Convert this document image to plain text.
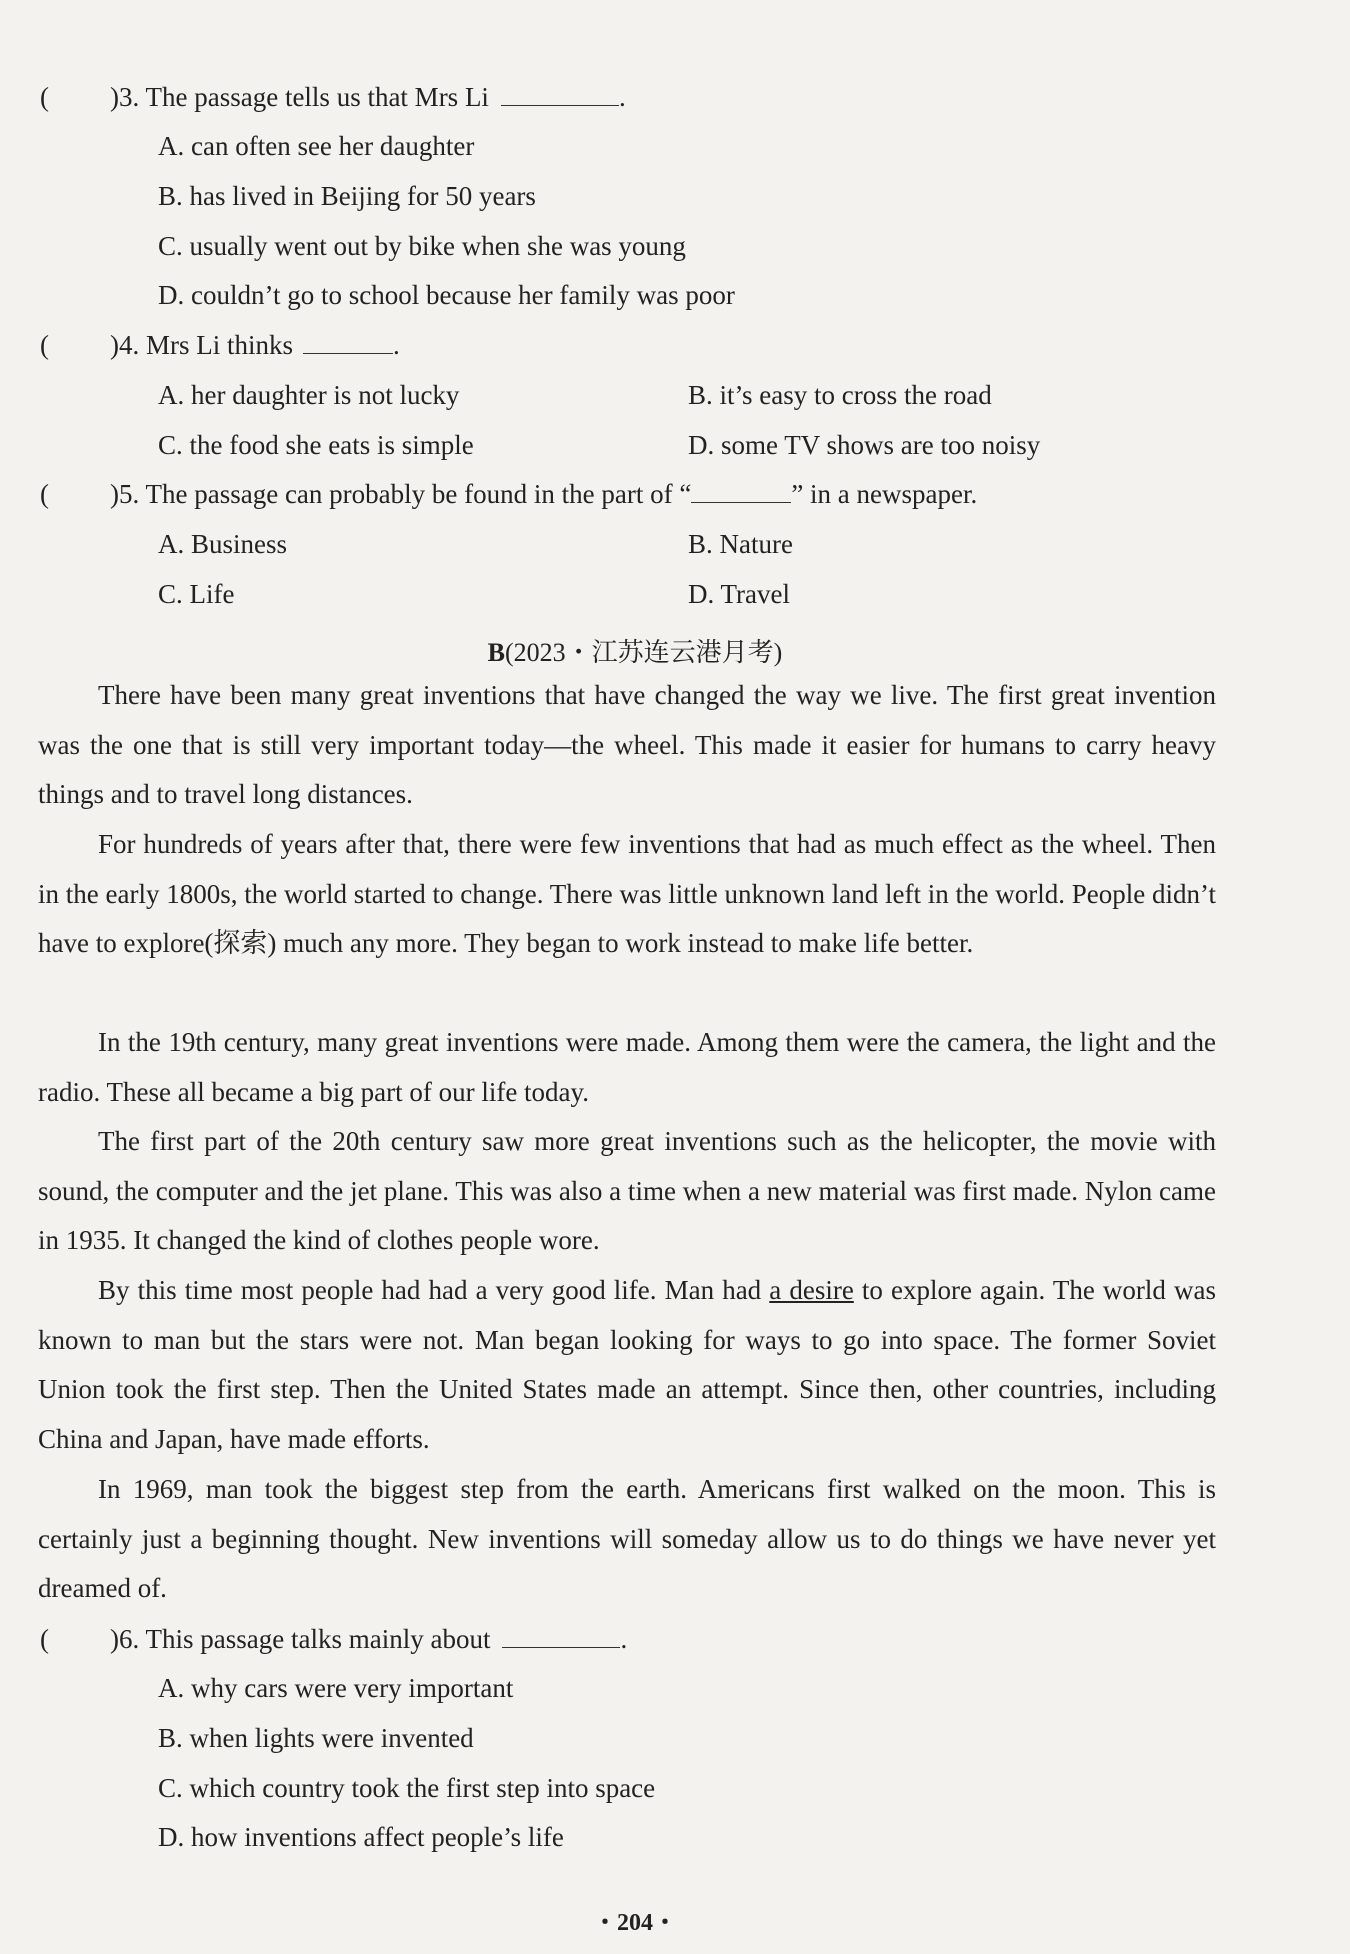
( )3. The passage tells us that Mrs Li	.

A. can often see her daughter

B. has lived in Beijing for 50 years

C. usually went out by bike when she was young

D. couldn’t go to school because her family was poor

( )4. Mrs Li thinks	.

A. her daughter is not lucky	B. it’s easy to cross the road

C. the food she eats is simple	D. some TV shows are too noisy

( )5. The passage can probably be found in the part of “	” in a newspaper.

A. Business	B. Nature

C. Life	D. Travel

B(2023・江苏连云港月考)

There have been many great inventions that have changed the way we live. The first great invention was the one that is still very important today—the wheel. This made it easier for humans to carry heavy things and to travel long distances.

For hundreds of years after that, there were few inventions that had as much effect as the wheel. Then in the early 1800s, the world started to change. There was little unknown land left in the world. People didn’t have to explore(探索) much any more. They began to work instead to make life better.

In the 19th century, many great inventions were made. Among them were the camera, the light and the radio. These all became a big part of our life today.

The first part of the 20th century saw more great inventions such as the helicopter, the movie with sound, the computer and the jet plane. This was also a time when a new material was first made. Nylon came in 1935. It changed the kind of clothes people wore.

By this time most people had had a very good life. Man had a desire to explore again. The world was known to man but the stars were not. Man began looking for ways to go into space. The former Soviet Union took the first step. Then the United States made an attempt. Since then, other countries, including China and Japan, have made efforts.

In 1969, man took the biggest step from the earth. Americans first walked on the moon. This is certainly just a beginning thought. New inventions will someday allow us to do things we have never yet dreamed of.

( )6. This passage talks mainly about	.

A. why cars were very important

B. when lights were invented

C. which country took the first step into space

D. how inventions affect people’s life

・204・
